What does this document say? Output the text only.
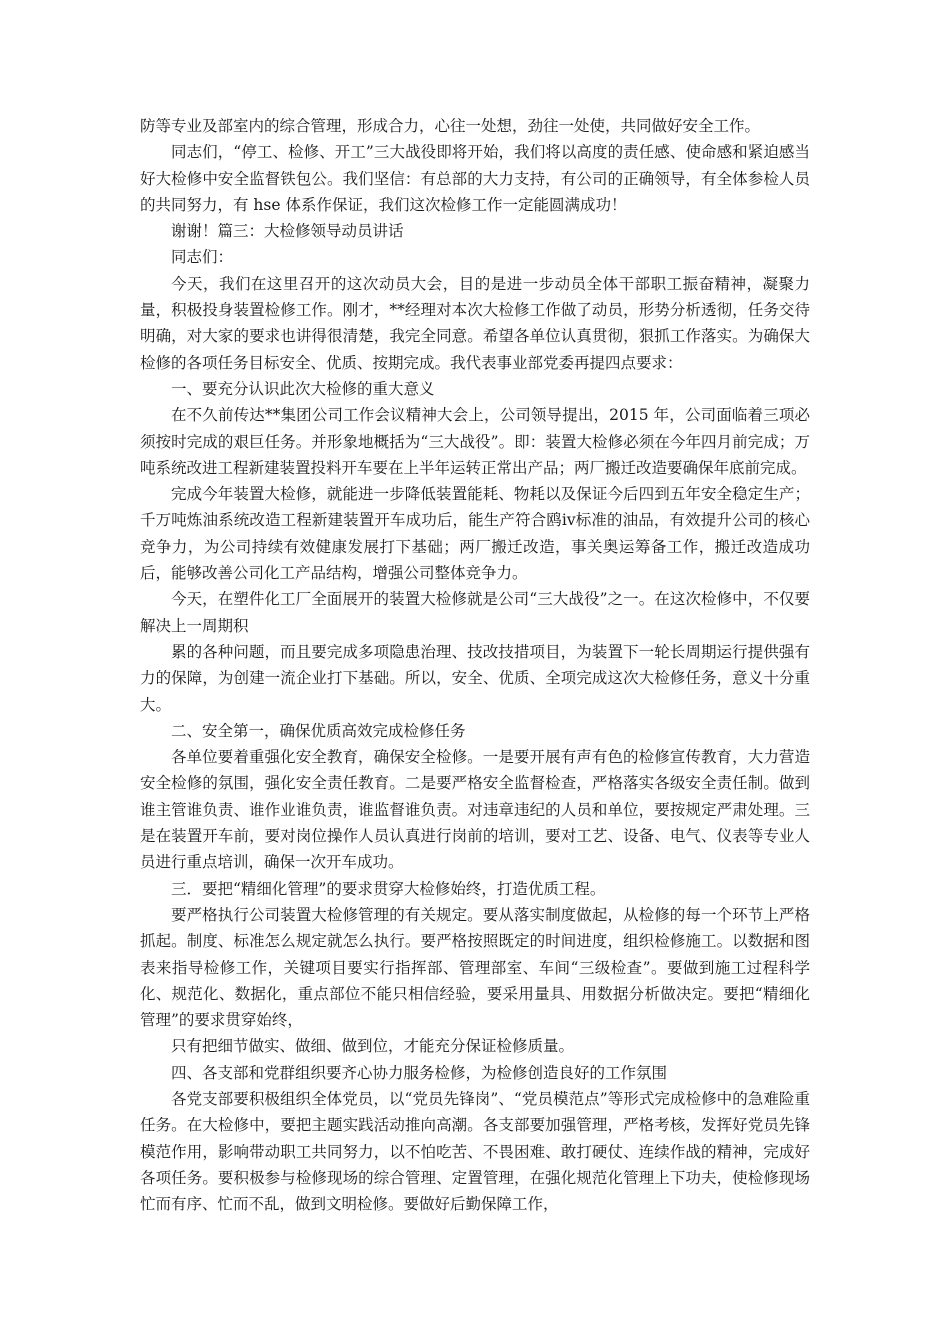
防等专业及部室内的综合管理，形成合力，心往一处想，劲往一处使，共同做好安全工作。

同志们，“停工、检修、开工”三大战役即将开始，我们将以高度的责任感、使命感和紧迫感当好大检修中安全监督铁包公。我们坚信：有总部的大力支持，有公司的正确领导，有全体参检人员的共同努力，有 hse 体系作保证，我们这次检修工作一定能圆满成功！

谢谢！篇三：大检修领导动员讲话

同志们：

今天，我们在这里召开的这次动员大会，目的是进一步动员全体干部职工振奋精神，凝聚力量，积极投身装置检修工作。刚才，**经理对本次大检修工作做了动员，形势分析透彻，任务交待明确，对大家的要求也讲得很清楚，我完全同意。希望各单位认真贯彻，狠抓工作落实。为确保大检修的各项任务目标安全、优质、按期完成。我代表事业部党委再提四点要求：

一、要充分认识此次大检修的重大意义

在不久前传达**集团公司工作会议精神大会上，公司领导提出，2015 年，公司面临着三项必须按时完成的艰巨任务。并形象地概括为“三大战役”。即：装置大检修必须在今年四月前完成；万吨系统改进工程新建装置投料开车要在上半年运转正常出产品；两厂搬迁改造要确保年底前完成。

完成今年装置大检修，就能进一步降低装置能耗、物耗以及保证今后四到五年安全稳定生产；千万吨炼油系统改造工程新建装置开车成功后，能生产符合鸥ⅳ标准的油品，有效提升公司的核心竞争力，为公司持续有效健康发展打下基础；两厂搬迁改造，事关奥运筹备工作，搬迁改造成功后，能够改善公司化工产品结构，增强公司整体竞争力。

今天，在塑件化工厂全面展开的装置大检修就是公司“三大战役”之一。在这次检修中，不仅要解决上一周期积

累的各种问题，而且要完成多项隐患治理、技改技措项目，为装置下一轮长周期运行提供强有力的保障，为创建一流企业打下基础。所以，安全、优质、全项完成这次大检修任务，意义十分重大。

二、安全第一，确保优质高效完成检修任务

各单位要着重强化安全教育，确保安全检修。一是要开展有声有色的检修宣传教育，大力营造安全检修的氛围，强化安全责任教育。二是要严格安全监督检查，严格落实各级安全责任制。做到谁主管谁负责、谁作业谁负责，谁监督谁负责。对违章违纪的人员和单位，要按规定严肃处理。三是在装置开车前，要对岗位操作人员认真进行岗前的培训，要对工艺、设备、电气、仪表等专业人员进行重点培训，确保一次开车成功。

三．要把“精细化管理”的要求贯穿大检修始终，打造优质工程。

要严格执行公司装置大检修管理的有关规定。要从落实制度做起，从检修的每一个环节上严格抓起。制度、标准怎么规定就怎么执行。要严格按照既定的时间进度，组织检修施工。以数据和图表来指导检修工作，关键项目要实行指挥部、管理部室、车间“三级检查”。要做到施工过程科学化、规范化、数据化，重点部位不能只相信经验，要采用量具、用数据分析做决定。要把“精细化管理”的要求贯穿始终，

只有把细节做实、做细、做到位，才能充分保证检修质量。

四、各支部和党群组织要齐心协力服务检修，为检修创造良好的工作氛围

各党支部要积极组织全体党员，以“党员先锋岗”、“党员模范点”等形式完成检修中的急难险重任务。在大检修中，要把主题实践活动推向高潮。各支部要加强管理，严格考核，发挥好党员先锋模范作用，影响带动职工共同努力，以不怕吃苦、不畏困难、敢打硬仗、连续作战的精神，完成好各项任务。要积极参与检修现场的综合管理、定置管理，在强化规范化管理上下功夫，使检修现场忙而有序、忙而不乱，做到文明检修。要做好后勤保障工作，
